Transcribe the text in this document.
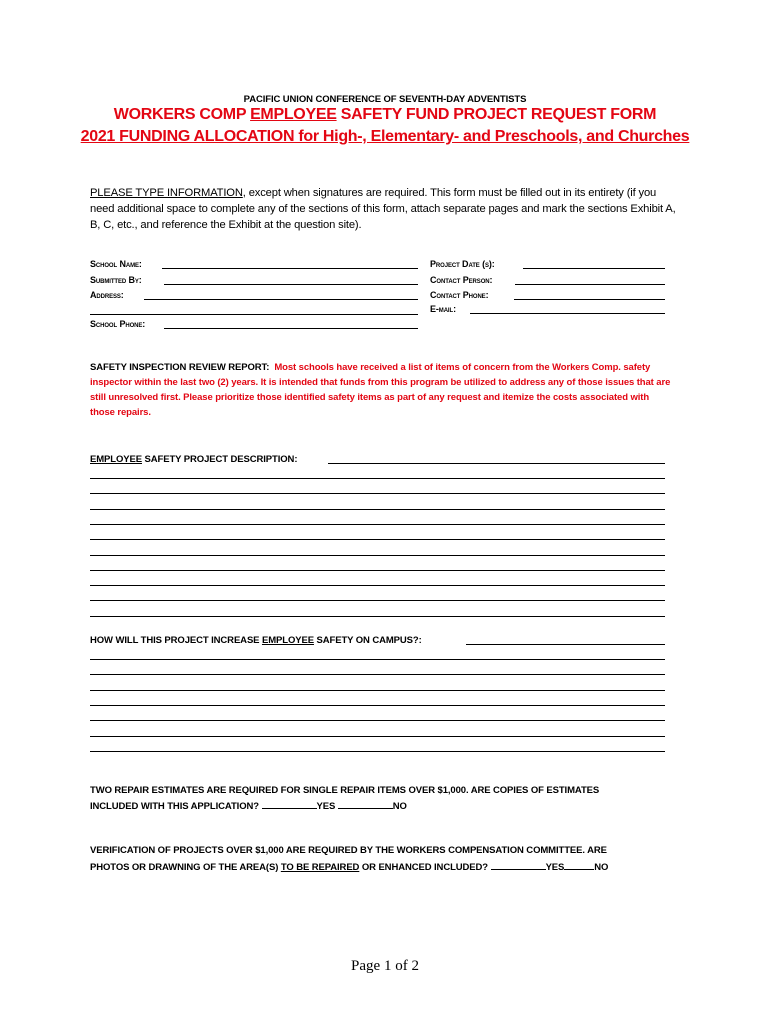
PACIFIC UNION CONFERENCE OF SEVENTH-DAY ADVENTISTS
WORKERS COMP EMPLOYEE SAFETY FUND PROJECT REQUEST FORM
2021 FUNDING ALLOCATION for High-, Elementary- and Preschools, and Churches
PLEASE TYPE INFORMATION, except when signatures are required. This form must be filled out in its entirety (if you need additional space to complete any of the sections of this form, attach separate pages and mark the sections Exhibit A, B, C, etc., and reference the Exhibit at the question site).
School Name:
Submitted By:
Address:
School Phone:
Project Date (s):
Contact Person:
Contact Phone:
E-mail:
SAFETY INSPECTION REVIEW REPORT: Most schools have received a list of items of concern from the Workers Comp. safety inspector within the last two (2) years. It is intended that funds from this program be utilized to address any of those issues that are still unresolved first. Please prioritize those identified safety items as part of any request and itemize the costs associated with those repairs.
EMPLOYEE SAFETY PROJECT DESCRIPTION:
HOW WILL THIS PROJECT INCREASE EMPLOYEE SAFETY ON CAMPUS?:
TWO REPAIR ESTIMATES ARE REQUIRED FOR SINGLE REPAIR ITEMS OVER $1,000. ARE COPIES OF ESTIMATES
INCLUDED WITH THIS APPLICATION?	YES	NO
VERIFICATION OF PROJECTS OVER $1,000 ARE REQUIRED BY THE WORKERS COMPENSATION COMMITTEE. ARE
PHOTOS OR DRAWNING OF THE AREA(S) TO BE REPAIRED OR ENHANCED INCLUDED?	YES	NO
Page 1 of 2
